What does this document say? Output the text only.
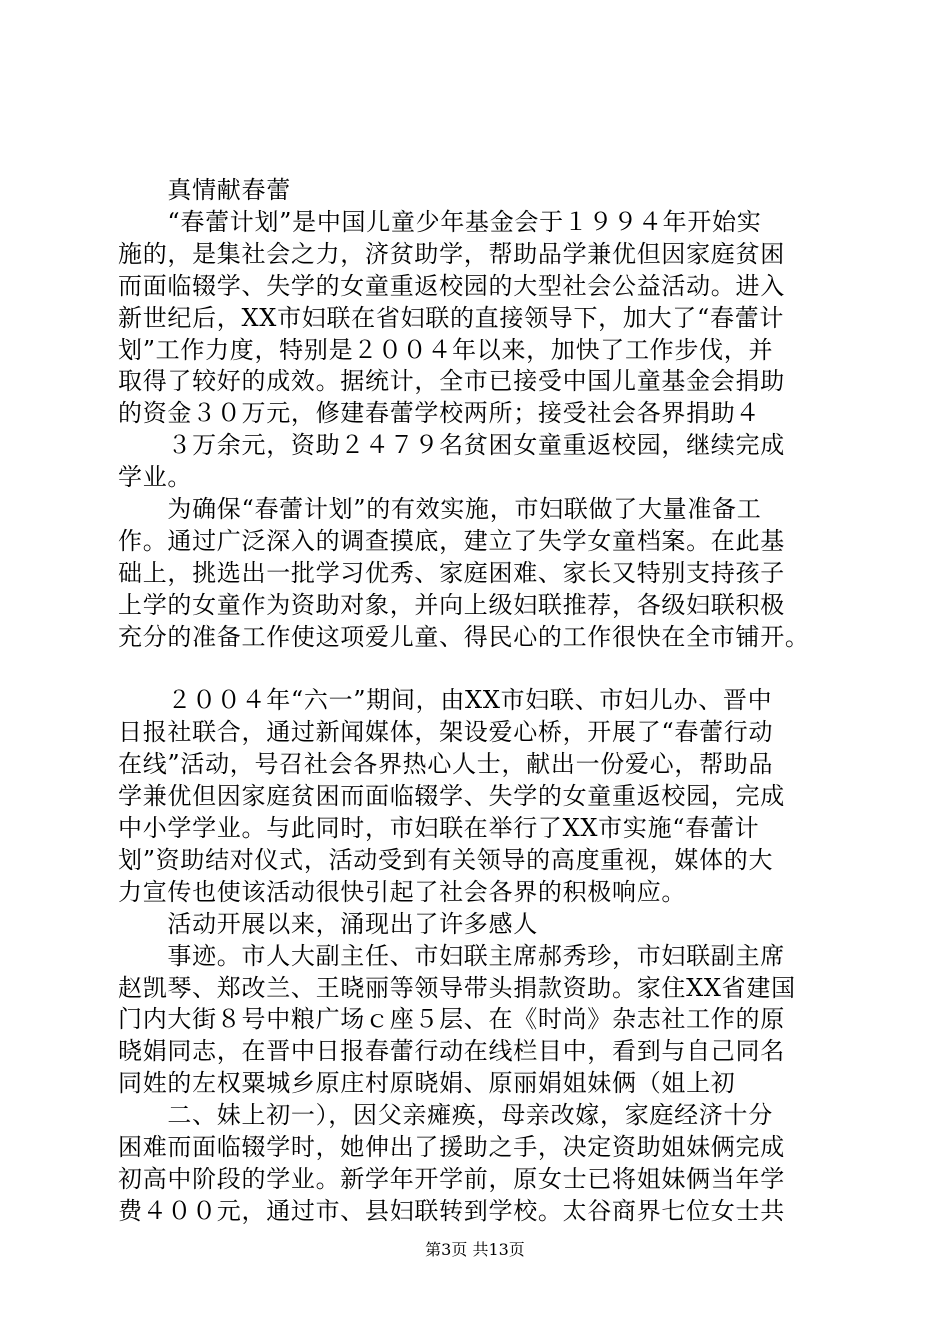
　　真情献春蕾
　　“春蕾计划”是中国儿童少年基金会于１９９４年开始实
施的，是集社会之力，济贫助学，帮助品学兼优但因家庭贫困
而面临辍学、失学的女童重返校园的大型社会公益活动。进入
新世纪后，XX市妇联在省妇联的直接领导下，加大了“春蕾计
划”工作力度，特别是２００４年以来，加快了工作步伐，并
取得了较好的成效。据统计，全市已接受中国儿童基金会捐助
的资金３０万元，修建春蕾学校两所；接受社会各界捐助４
　　３万余元，资助２４７９名贫困女童重返校园，继续完成
学业。
　　为确保“春蕾计划”的有效实施，市妇联做了大量准备工
作。通过广泛深入的调查摸底，建立了失学女童档案。在此基
础上，挑选出一批学习优秀、家庭困难、家长又特别支持孩子
上学的女童作为资助对象，并向上级妇联推荐，各级妇联积极
充分的准备工作使这项爱儿童、得民心的工作很快在全市铺开。
　　２００４年“六一”期间，由XX市妇联、市妇儿办、晋中
日报社联合，通过新闻媒体，架设爱心桥，开展了“春蕾行动
在线”活动，号召社会各界热心人士，献出一份爱心，帮助品
学兼优但因家庭贫困而面临辍学、失学的女童重返校园，完成
中小学学业。与此同时，市妇联在举行了XX市实施“春蕾计
划”资助结对仪式，活动受到有关领导的高度重视，媒体的大
力宣传也使该活动很快引起了社会各界的积极响应。
　　活动开展以来，涌现出了许多感人
　　事迹。市人大副主任、市妇联主席郝秀珍，市妇联副主席
赵凯琴、郑改兰、王晓丽等领导带头捐款资助。家住XX省建国
门内大街８号中粮广场ｃ座５层、在《时尚》杂志社工作的原
晓娟同志，在晋中日报春蕾行动在线栏目中，看到与自己同名
同姓的左权粟城乡原庄村原晓娟、原丽娟姐妹俩（姐上初
　　二、妹上初一），因父亲瘫痪，母亲改嫁，家庭经济十分
困难而面临辍学时，她伸出了援助之手，决定资助姐妹俩完成
初高中阶段的学业。新学年开学前，原女士已将姐妹俩当年学
费４００元，通过市、县妇联转到学校。太谷商界七位女士共
第3页 共13页
